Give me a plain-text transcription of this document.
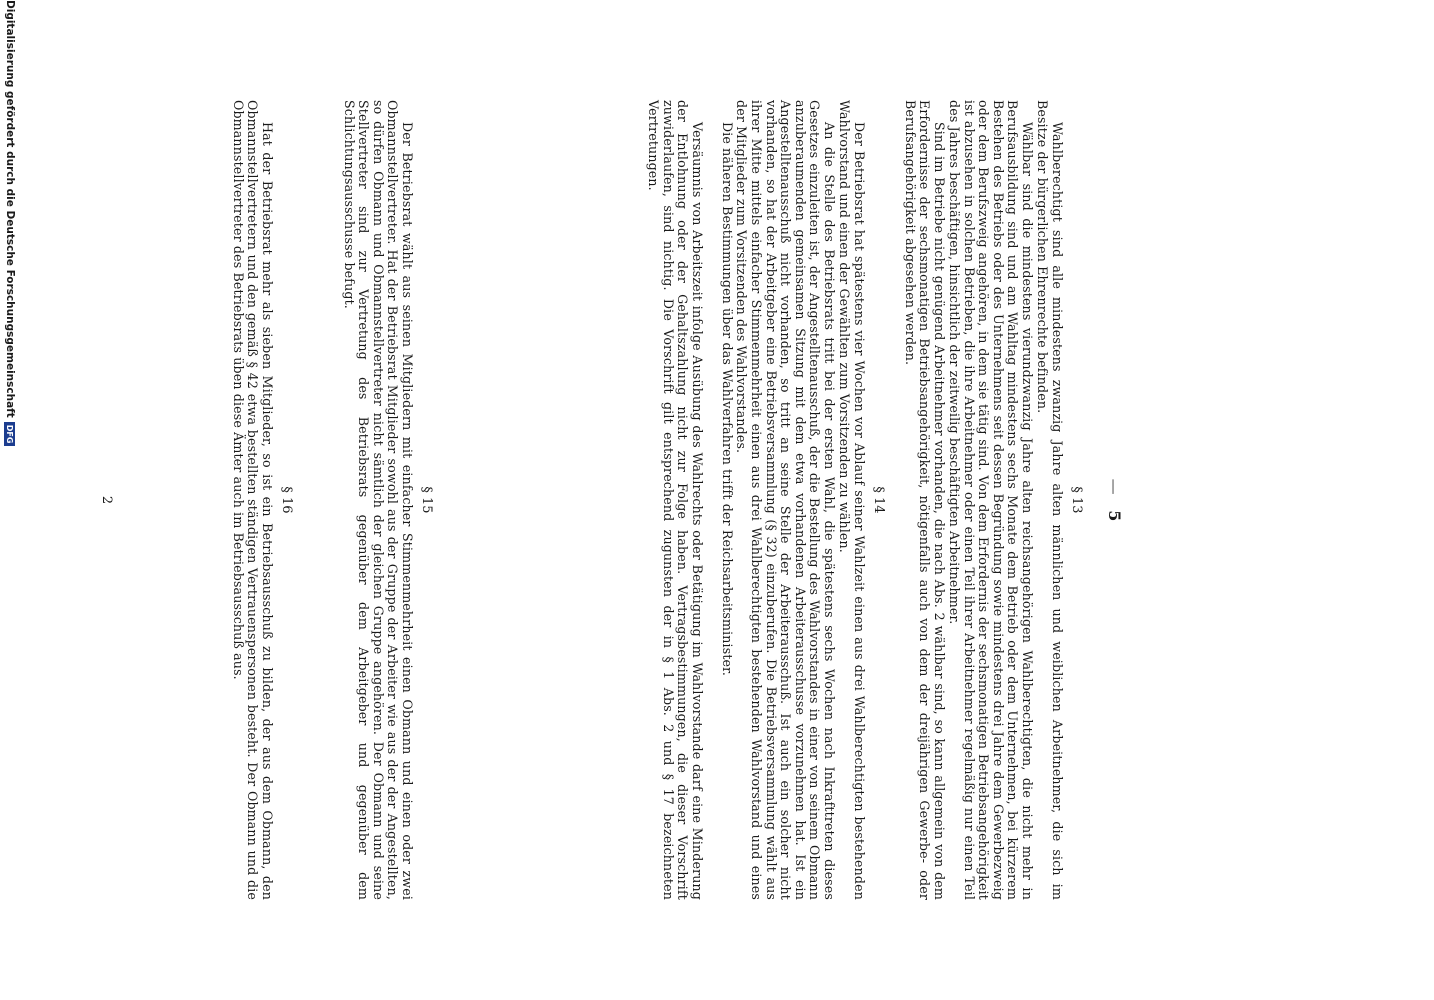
— 5
§ 13
Wahlberechtigt sind alle mindestens zwanzig Jahre alten männlichen und weiblichen Arbeitnehmer, die sich im Besitze der bürgerlichen Ehrenrechte befinden.
Wählbar sind die mindestens vierundzwanzig Jahre alten reichsangehörigen Wahlberechtigten, die nicht mehr in Berufsausbildung sind und am Wahltag mindestens sechs Monate dem Betrieb oder dem Unternehmen, bei kürzerem Bestehen des Betriebs oder des Unternehmens seit dessen Begründung sowie mindestens drei Jahre dem Gewerbezweig oder dem Berufszweig angehören, in dem sie tätig sind. Von dem Erfordernis der sechsmonatigen Betriebsangehörigkeit ist abzusehen in solchen Betrieben, die ihre Arbeitnehmer oder einen Teil ihrer Arbeitnehmer regelmäßig nur einen Teil des Jahres beschäftigen, hinsichtlich der zeitweilig beschäftigten Arbeitnehmer.
Sind im Betriebe nicht genügend Arbeitnehmer vorhanden, die nach Abs. 2 wählbar sind, so kann allgemein von dem Erfordernisse der sechsmonatigen Betriebsangehörigkeit, nötigenfalls auch von dem der dreijährigen Gewerbe- oder Berufsangehörigkeit abgesehen werden.
§ 14
Der Betriebsrat hat spätestens vier Wochen vor Ablauf seiner Wahlzeit einen aus drei Wahlberechtigten bestehenden Wahlvorstand und einen der Gewählten zum Vorsitzenden zu wählen.
An die Stelle des Betriebsrats tritt bei der ersten Wahl, die spätestens sechs Wochen nach Inkrafttreten dieses Gesetzes einzuleiten ist, der Angestelltenausschuß, der die Bestellung des Wahlvorstandes in einer von seinem Obmann anzuberaumenden gemeinsamen Sitzung mit dem etwa vorhandenen Arbeiterausschusse vorzunehmen hat. Ist ein Angestelltenausschuß nicht vorhanden, so tritt an seine Stelle der Arbeiterausschuß. Ist auch ein solcher nicht vorhanden, so hat der Arbeitgeber eine Betriebsversammlung (§ 32) einzuberufen. Die Betriebsversammlung wählt aus ihrer Mitte mittels einfacher Stimmenmehrheit einen aus drei Wahlberechtigten bestehenden Wahlvorstand und eines der Mitglieder zum Vorsitzenden des Wahlvorstandes.
Die näheren Bestimmungen über das Wahlverfahren trifft der Reichsarbeitsminister.
Versäumnis von Arbeitszeit infolge Ausübung des Wahlrechts oder Betätigung im Wahlvorstande darf eine Minderung der Entlohnung oder der Gehaltszahlung nicht zur Folge haben. Vertragsbestimmungen, die dieser Vorschrift zuwiderlaufen, sind nichtig. Die Vorschrift gilt entsprechend zugunsten der in § 1 Abs. 2 und § 17 bezeichneten Vertretungen.
§ 15
Der Betriebsrat wählt aus seinen Mitgliedern mit einfacher Stimmenmehrheit einen Obmann und einen oder zwei Obmannstellvertreter. Hat der Betriebsrat Mitglieder sowohl aus der Gruppe der Arbeiter wie aus der der Angestellten, so dürfen Obmann und Obmannstellvertreter nicht sämtlich der gleichen Gruppe angehören. Der Obmann und seine Stellvertreter sind zur Vertretung des Betriebsrats gegenüber dem Arbeitgeber und gegenüber dem Schlichtungsausschusse befugt.
§ 16
Hat der Betriebsrat mehr als sieben Mitglieder, so ist ein Betriebsausschuß zu bilden, der aus dem Obmann, den Obmannstellvertretern und den gemäß § 42 etwa bestellten ständigen Vertrauenspersonen besteht. Der Obmann und die Obmannstellvertreter des Betriebsrats üben diese Ämter auch im Betriebsausschuß aus.
2
Digitalisierung gefördert durch die Deutsche Forschungsgemeinschaft
DFG
